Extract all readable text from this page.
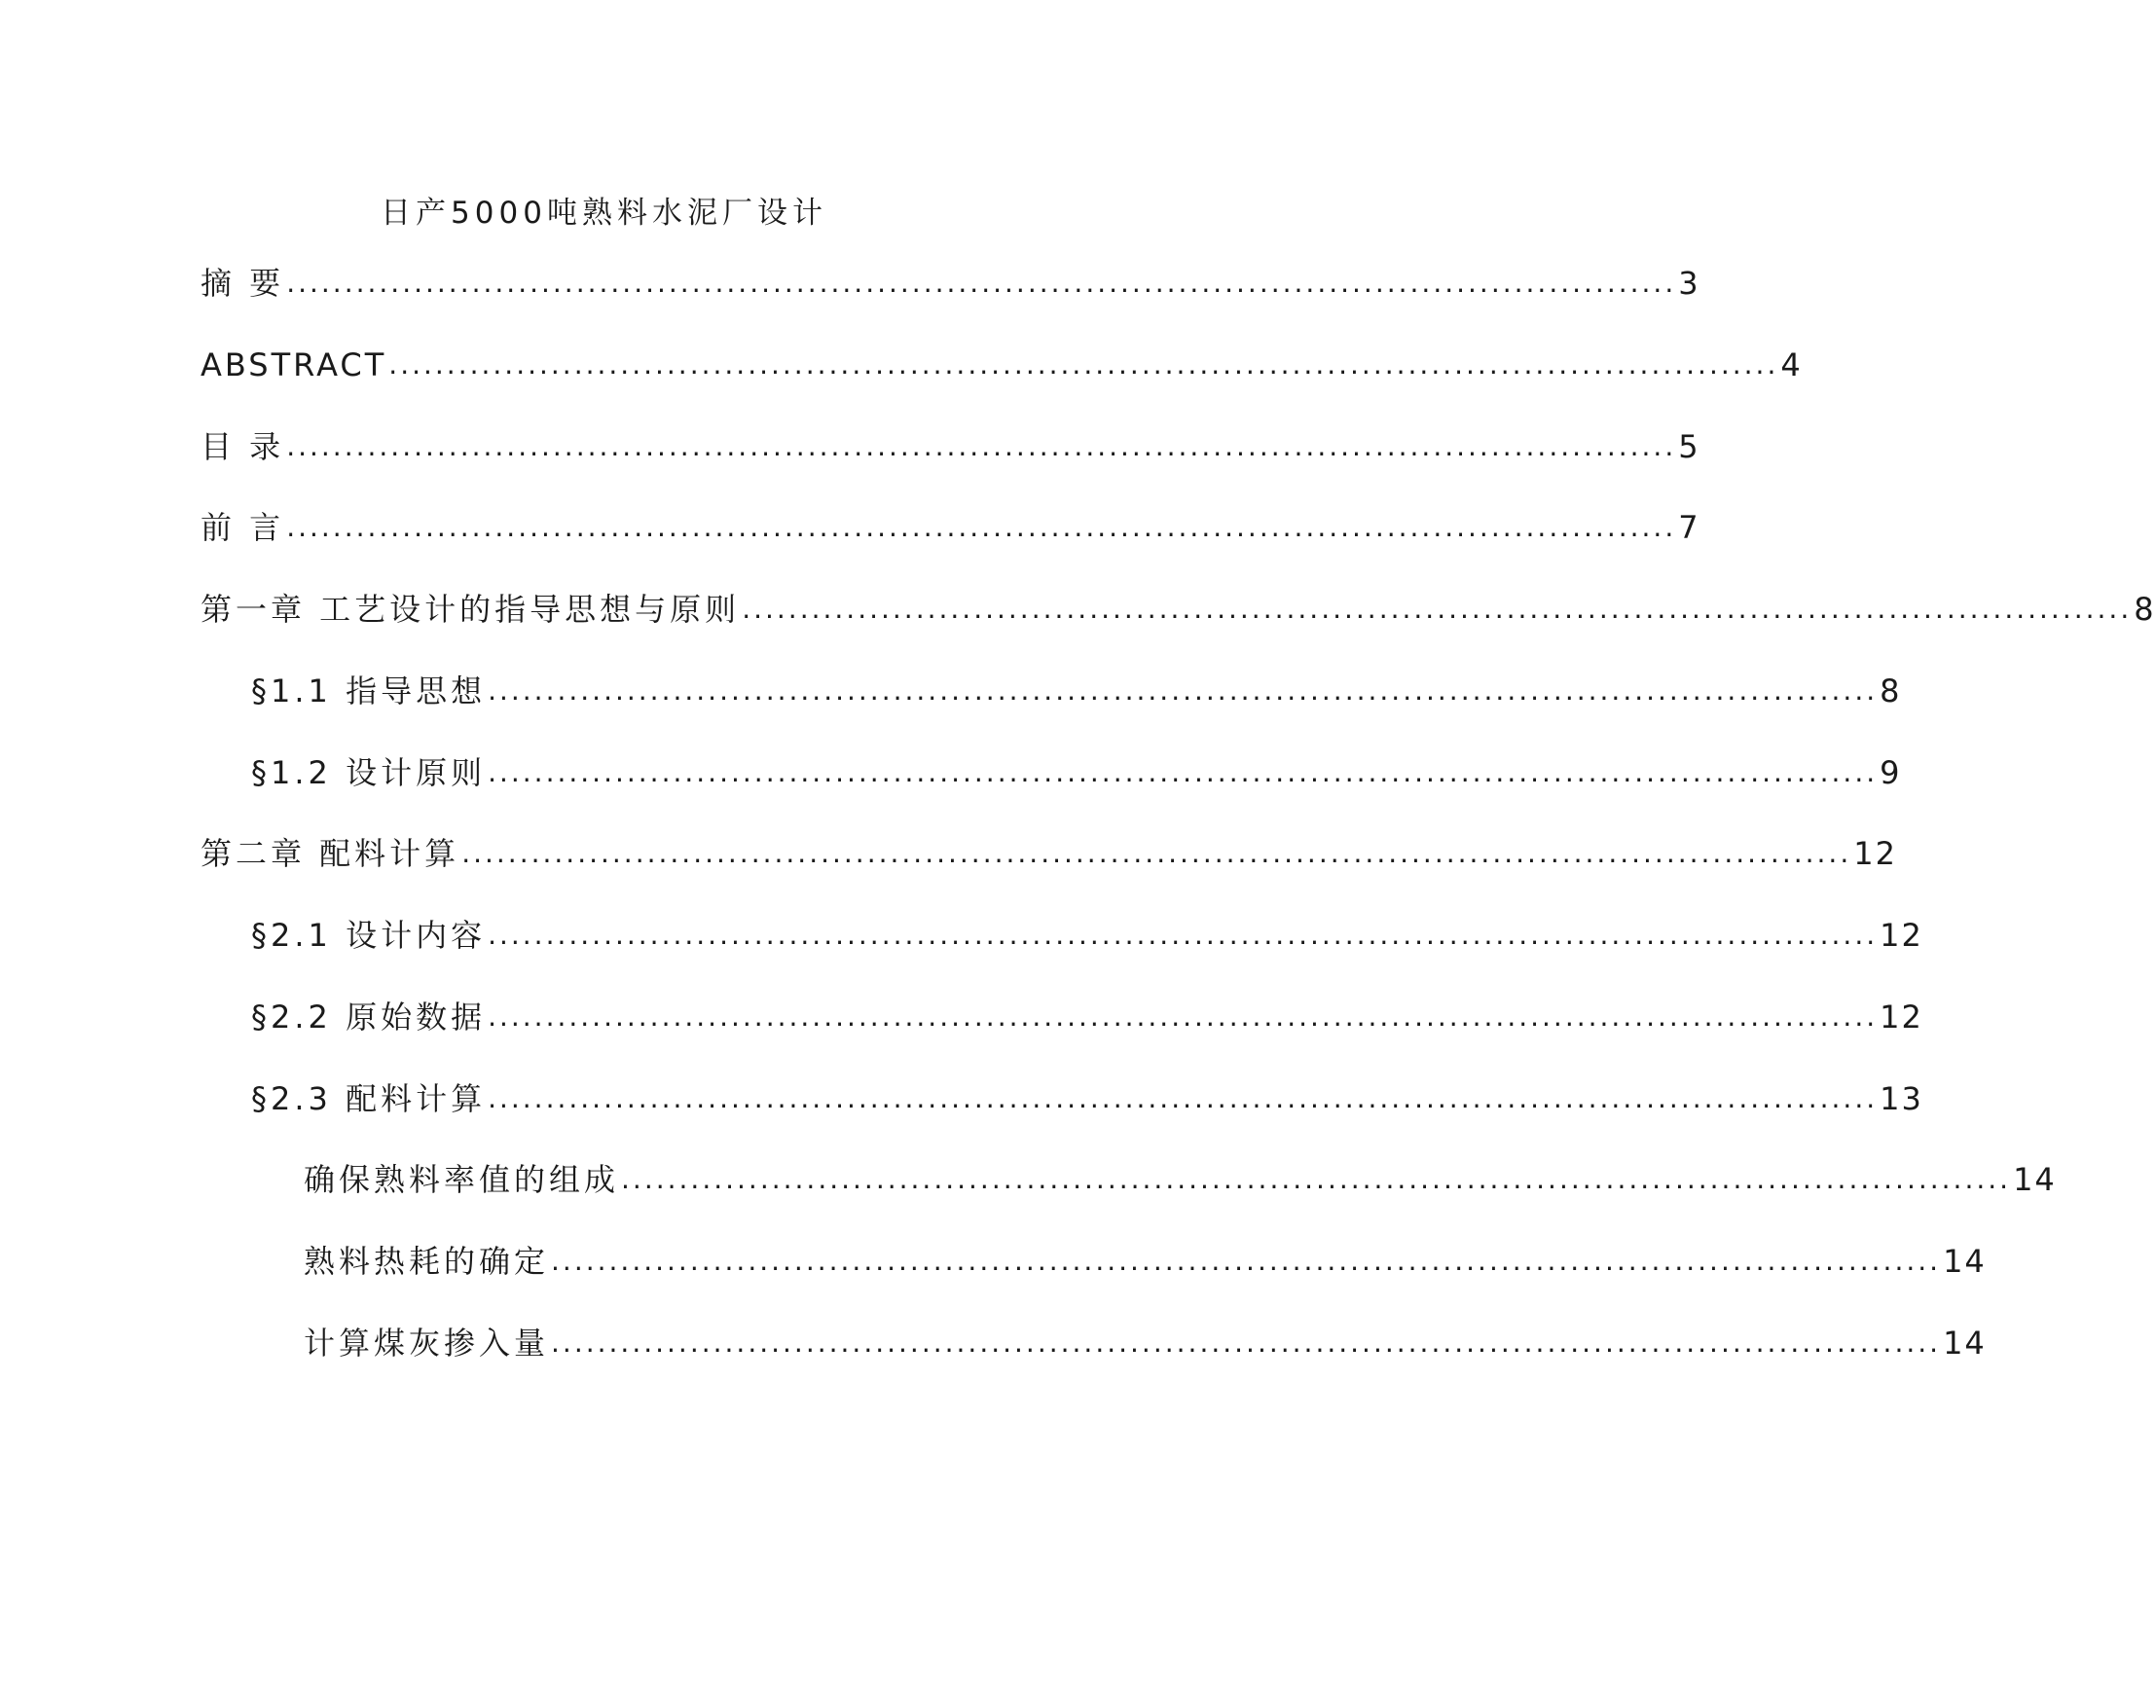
日产5000吨熟料水泥厂设计
摘 要 ........................................................................................................................ 3
ABSTRACT ........................................................................................................................ 4
目 录 ........................................................................................................................ 5
前 言 ........................................................................................................................ 7
第一章 工艺设计的指导思想与原则 ........................................................................................................................ 8
§1.1 指导思想 ........................................................................................................................ 8
§1.2 设计原则 ........................................................................................................................ 9
第二章 配料计算 ........................................................................................................................ 12
§2.1 设计内容 ........................................................................................................................ 12
§2.2 原始数据 ........................................................................................................................ 12
§2.3 配料计算 ........................................................................................................................ 13
确保熟料率值的组成 ........................................................................................................................ 14
熟料热耗的确定 ........................................................................................................................ 14
计算煤灰掺入量 ........................................................................................................................ 14
